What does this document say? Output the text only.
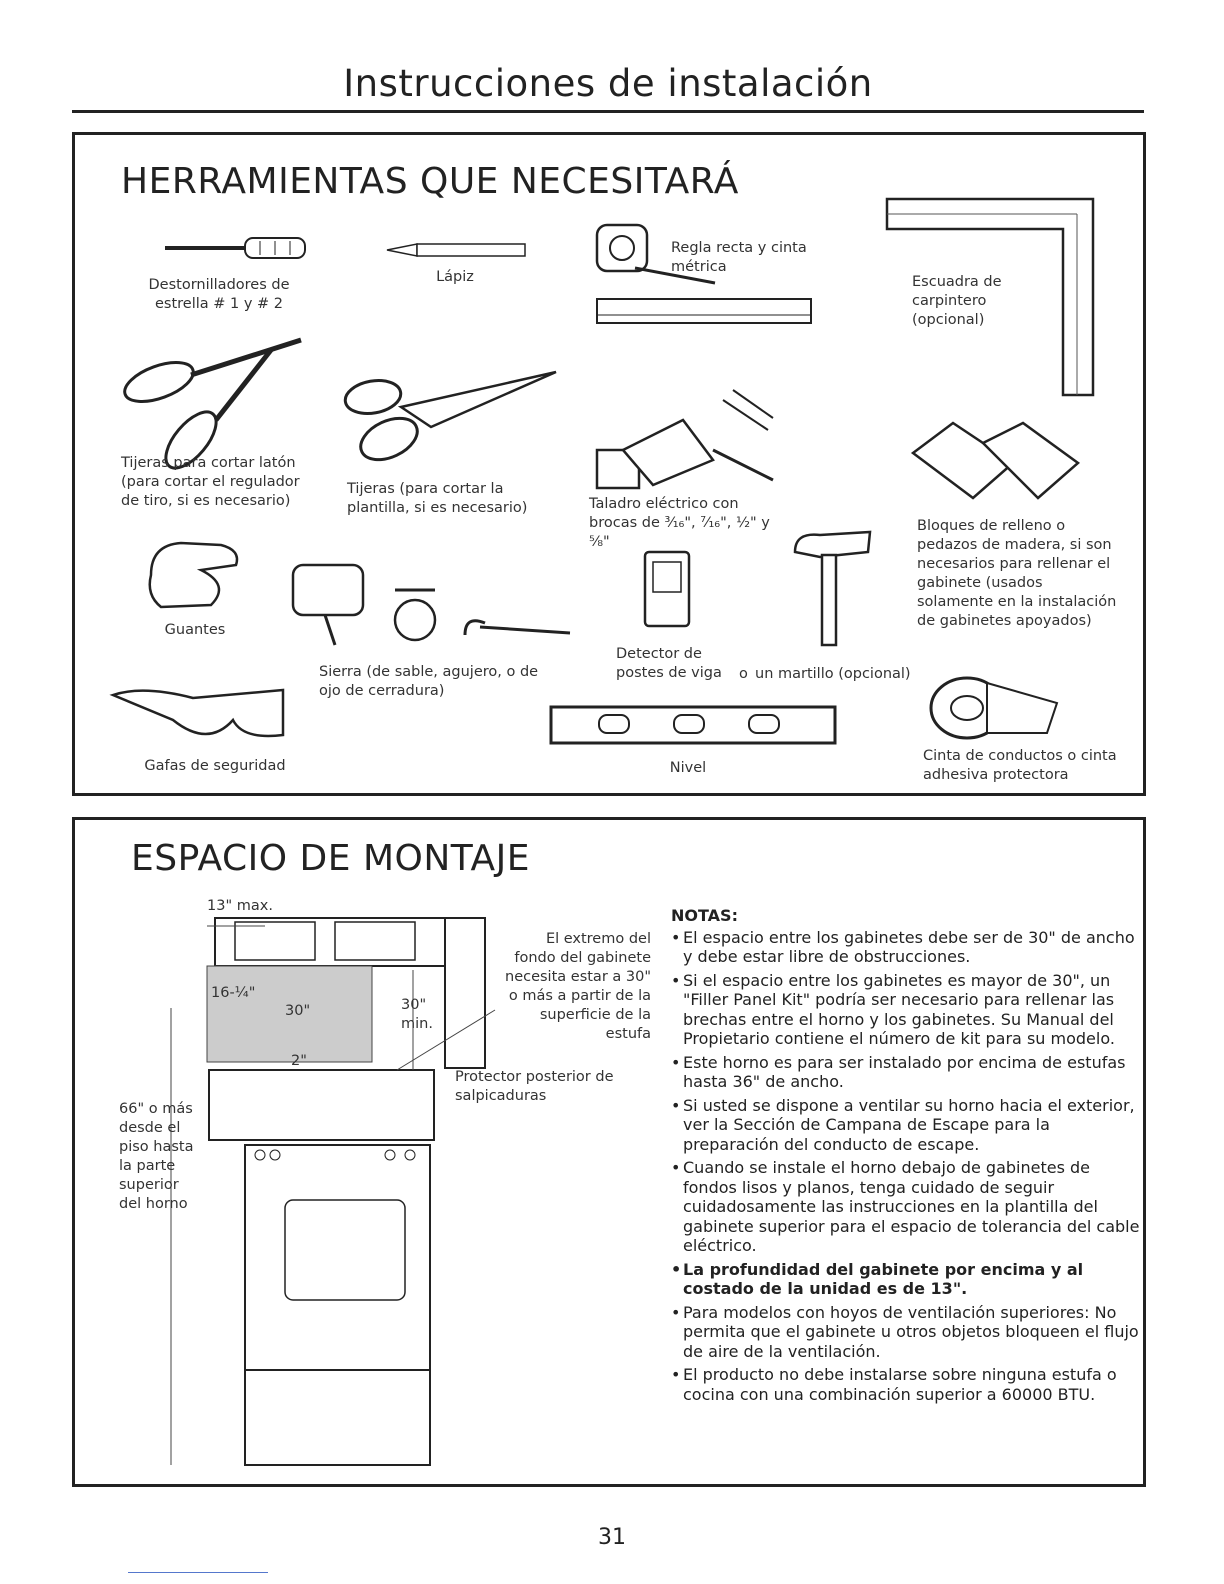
Instrucciones de instalación
HERRAMIENTAS QUE NECESITARÁ
Destornilladores de estrella # 1 y # 2
Lápiz
Regla recta y cinta métrica
Escuadra de carpintero (opcional)
Tijeras para cortar latón (para cortar el regulador de tiro, si es necesario)
Tijeras (para cortar la plantilla, si es necesario)	Taladro eléctrico con brocas de ³⁄₁₆", ⁷⁄₁₆", ½" y ⅝"
Bloques de relleno o pedazos de madera, si son necesarios para rellenar el gabinete (usados solamente en la instalación de gabinetes apoyados)
Guantes
Sierra (de sable, agujero, o de ojo de cerradura)
Detector de postes de viga	o un martillo (opcional)
Gafas de seguridad	Nivel
Cinta de conductos o cinta adhesiva protectora
ESPACIO DE MONTAJE
13" max.
16-¼"
30"	30"
min.
2"
66" o más desde el piso hasta la parte superior del horno
El extremo del fondo del gabinete necesita estar a 30" o más a partir de la superficie de la estufa
Protector posterior de salpicaduras
NOTAS:
• El espacio entre los gabinetes debe ser de 30" de ancho y debe estar libre de obstrucciones.
• Si el espacio entre los gabinetes es mayor de 30", un "Filler Panel Kit" podría ser necesario para rellenar las brechas entre el horno y los gabinetes. Su Manual del Propietario contiene el número de kit para su modelo.
• Este horno es para ser instalado por encima de estufas hasta 36" de ancho.
• Si usted se dispone a ventilar su horno hacia el exterior, ver la Sección de Campana de Escape para la preparación del conducto de escape.
• Cuando se instale el horno debajo de gabinetes de fondos lisos y planos, tenga cuidado de seguir cuidadosamente las instrucciones en la plantilla del gabinete superior para el espacio de tolerancia del cable eléctrico.
• La profundidad del gabinete por encima y al costado de la unidad es de 13".
• Para modelos con hoyos de ventilación superiores: No permita que el gabinete u otros objetos bloqueen el flujo de aire de la ventilación.
• El producto no debe instalarse sobre ninguna estufa o cocina con una combinación superior a 60000 BTU.
31
